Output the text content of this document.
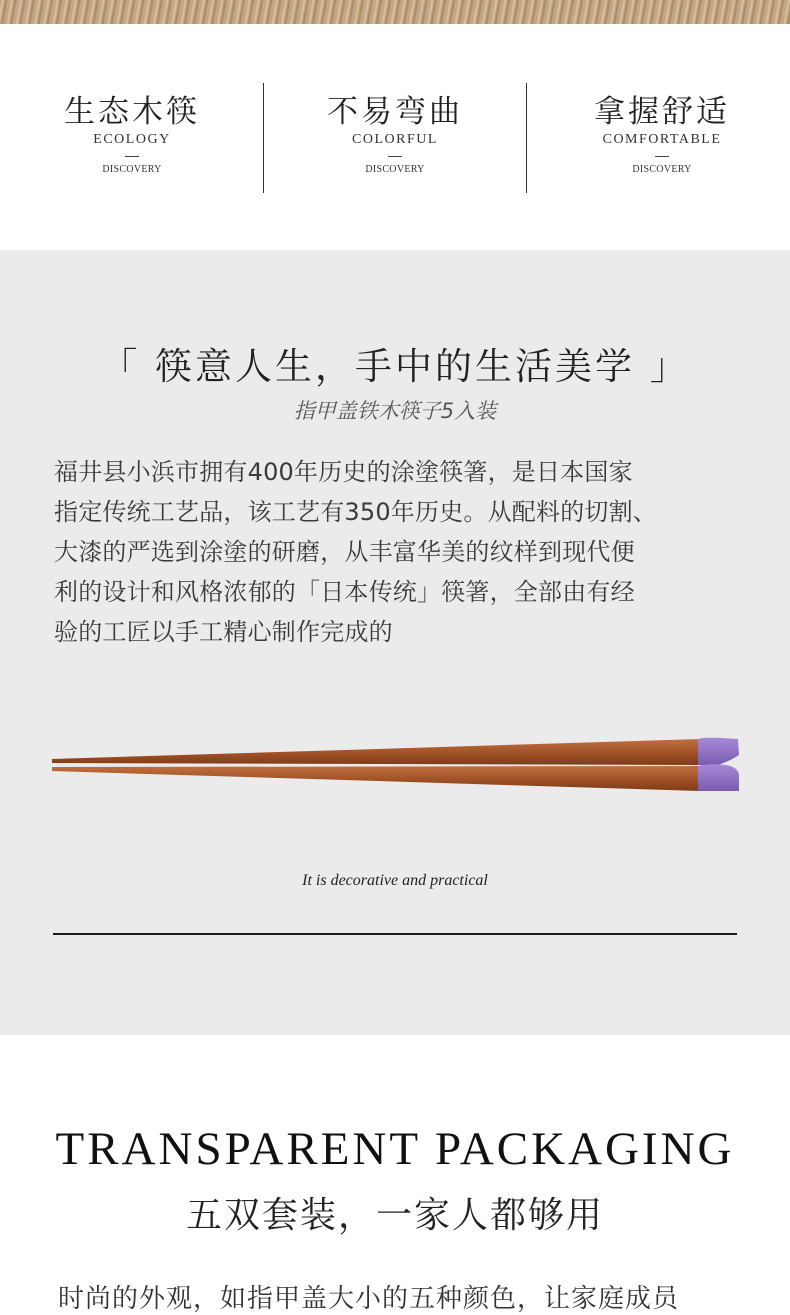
生态木筷
ECOLOGY
DISCOVERY
不易弯曲
COLORFUL
DISCOVERY
拿握舒适
COMFORTABLE
DISCOVERY
「 筷意人生，手中的生活美学 」
指甲盖铁木筷子5入装
福井县小浜市拥有400年历史的涂塗筷箸，是日本国家
指定传统工艺品，该工艺有350年历史。从配料的切割、
大漆的严选到涂塗的研磨，从丰富华美的纹样到现代便
利的设计和风格浓郁的「日本传统」筷箸，全部由有经
验的工匠以手工精心制作完成的
It is decorative and practical
TRANSPARENT PACKAGING
五双套装，一家人都够用
时尚的外观，如指甲盖大小的五种颜色，让家庭成员
